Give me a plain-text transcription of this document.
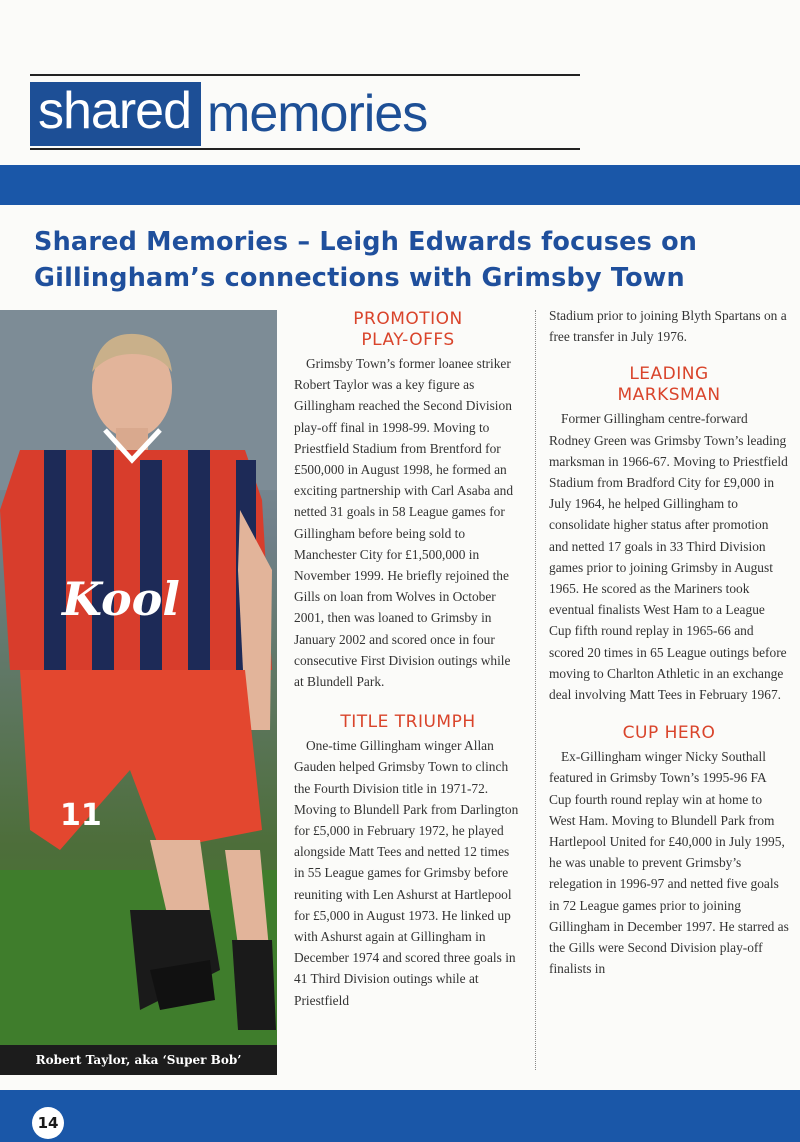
shared memories
Shared Memories – Leigh Edwards focuses on
Gillingham’s connections with Grimsby Town
Kool
11
Robert Taylor, aka ‘Super Bob’
PROMOTION
PLAY-OFFS

Grimsby Town’s former loanee striker Robert Taylor was a key figure as Gillingham reached the Second Division play-off final in 1998-99. Moving to Priestfield Stadium from Brentford for £500,000 in August 1998, he formed an exciting partnership with Carl Asaba and netted 31 goals in 58 League games for Gillingham before being sold to Manchester City for £1,500,000 in November 1999. He briefly rejoined the Gills on loan from Wolves in October 2001, then was loaned to Grimsby in January 2002 and scored once in four consecutive First Division outings while at Blundell Park.

TITLE TRIUMPH

One-time Gillingham winger Allan Gauden helped Grimsby Town to clinch the Fourth Division title in 1971-72. Moving to Blundell Park from Darlington for £5,000 in February 1972, he played alongside Matt Tees and netted 12 times in 55 League games for Grimsby before reuniting with Len Ashurst at Hartlepool for £5,000 in August 1973. He linked up with Ashurst again at Gillingham in December 1974 and scored three goals in 41 Third Division outings while at Priestfield

Stadium prior to joining Blyth Spartans on a free transfer in July 1976.

LEADING
MARKSMAN

Former Gillingham centre-forward Rodney Green was Grimsby Town’s leading marksman in 1966-67. Moving to Priestfield Stadium from Bradford City for £9,000 in July 1964, he helped Gillingham to consolidate higher status after promotion and netted 17 goals in 33 Third Division games prior to joining Grimsby in August 1965. He scored as the Mariners took eventual finalists West Ham to a League Cup fifth round replay in 1965-66 and scored 20 times in 65 League outings before moving to Charlton Athletic in an exchange deal involving Matt Tees in February 1967.

CUP HERO

Ex-Gillingham winger Nicky Southall featured in Grimsby Town’s 1995-96 FA Cup fourth round replay win at home to West Ham. Moving to Blundell Park from Hartlepool United for £40,000 in July 1995, he was unable to prevent Grimsby’s relegation in 1996-97 and netted five goals in 72 League games prior to joining Gillingham in December 1997. He starred as the Gills were Second Division play-off finalists in

14
